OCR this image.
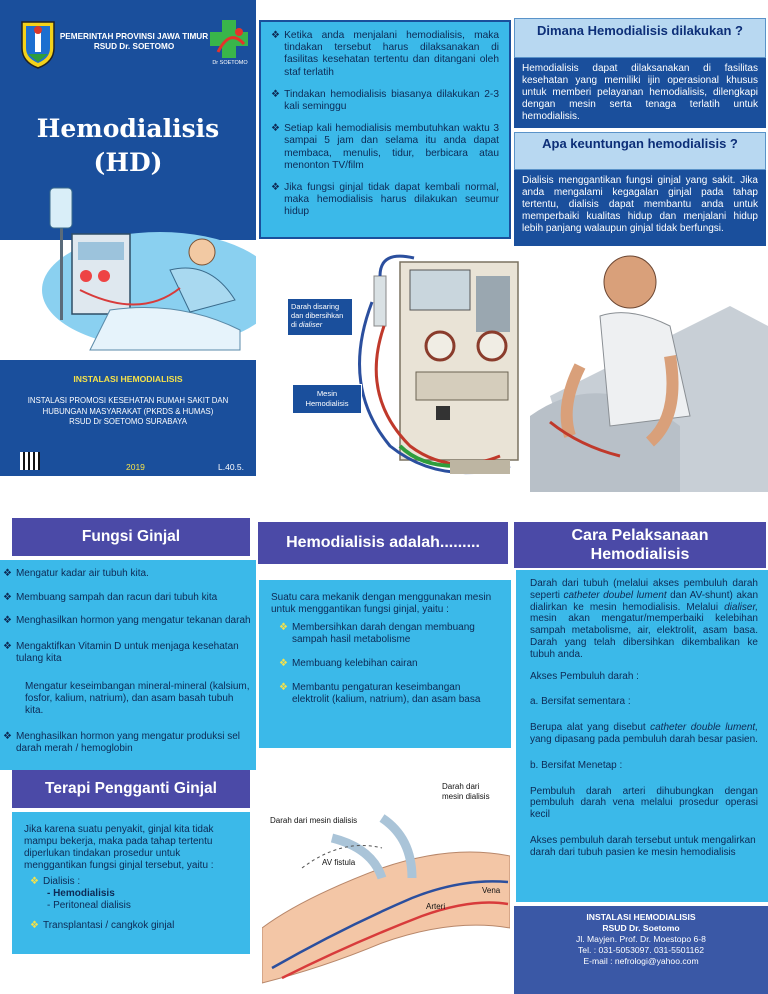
PEMERINTAH PROVINSI JAWA TIMUR
RSUD Dr. SOETOMO
Dr SOETOMO
Hemodialisis
(HD)
❖ Ketika anda menjalani hemodialisis, maka tindakan tersebut harus dilaksanakan di fasilitas kesehatan tertentu dan ditangani oleh staf terlatih
❖ Tindakan hemodialisis biasanya dilakukan 2-3 kali seminggu
❖ Setiap kali hemodialisis membutuhkan waktu 3 sampai 5 jam dan selama itu anda dapat membaca, menulis, tidur, berbicara atau menonton TV/film
❖ Jika fungsi ginjal tidak dapat kembali normal, maka hemodialisis harus dilakukan seumur hidup
Dimana Hemodialisis dilakukan ?
Hemodialisis dapat dilaksanakan di fasilitas kesehatan yang memiliki ijin operasional khusus untuk memberi pelayanan hemodialisis, dilengkapi dengan mesin serta tenaga terlatih untuk hemodialisis.
Apa keuntungan hemodialisis ?
Dialisis menggantikan fungsi ginjal yang sakit. Jika anda mengalami kegagalan ginjal pada tahap tertentu, dialisis dapat membantu anda untuk memperbaiki kualitas hidup dan menjalani hidup lebih panjang walaupun ginjal tidak berfungsi.
Darah disaring
dan dibersihkan
di dialiser
Mesin
Hemodialisis
INSTALASI HEMODIALISIS
INSTALASI PROMOSI KESEHATAN RUMAH SAKIT DAN
HUBUNGAN MASYARAKAT (PKRDS & HUMAS)
RSUD Dr SOETOMO SURABAYA
2019	L.40.5.
Fungsi Ginjal
❖ Mengatur kadar air tubuh kita.
❖ Membuang sampah dan racun dari tubuh kita
❖ Menghasilkan hormon yang mengatur tekanan darah
❖ Mengaktifkan Vitamin D untuk menjaga kesehatan tulang kita
Mengatur keseimbangan mineral-mineral (kalsium, fosfor, kalium, natrium), dan asam basah tubuh kita.
❖ Menghasilkan hormon yang mengatur produksi sel darah merah / hemoglobin
Terapi Pengganti Ginjal
Jika karena suatu penyakit, ginjal kita tidak mampu bekerja, maka pada tahap tertentu diperlukan tindakan prosedur untuk menggantikan fungsi ginjal tersebut, yaitu :
❖ Dialisis :
- Hemodialisis
- Peritoneal dialisis
❖ Transplantasi / cangkok ginjal
Hemodialisis adalah.........
Suatu cara mekanik dengan menggunakan mesin untuk menggantikan fungsi ginjal, yaitu :
❖ Membersihkan darah dengan membuang sampah hasil metabolisme
❖ Membuang kelebihan cairan
❖ Membantu pengaturan keseimbangan elektrolit (kalium, natrium), dan asam basa
Darah dari mesin dialisis
Darah dari
mesin dialisis
AV fistula
Vena
Arteri
Cara Pelaksanaan Hemodialisis
Darah dari tubuh (melalui akses pembuluh darah seperti catheter doubel lument dan AV-shunt) akan dialirkan ke mesin hemodialisis. Melalui dialiser, mesin akan mengatur/memperbaiki kelebihan sampah metabolisme, air, elektrolit, asam basa. Darah yang telah dibersihkan dikembalikan ke tubuh anda.
Akses Pembuluh darah :
a. Bersifat sementara :
Berupa alat yang disebut catheter double lument, yang dipasang pada pembuluh darah besar pasien.
b. Bersifat Menetap :
Pembuluh darah arteri dihubungkan dengan pembuluh darah vena melalui prosedur operasi kecil
Akses pembuluh darah tersebut untuk mengalirkan darah dari tubuh pasien ke mesin hemodialisis
INSTALASI HEMODIALISIS
RSUD Dr. Soetomo
Jl. Mayjen. Prof. Dr. Moestopo 6-8
Tel. : 031-5053097. 031-5501162
E-mail : nefrologi@yahoo.com
